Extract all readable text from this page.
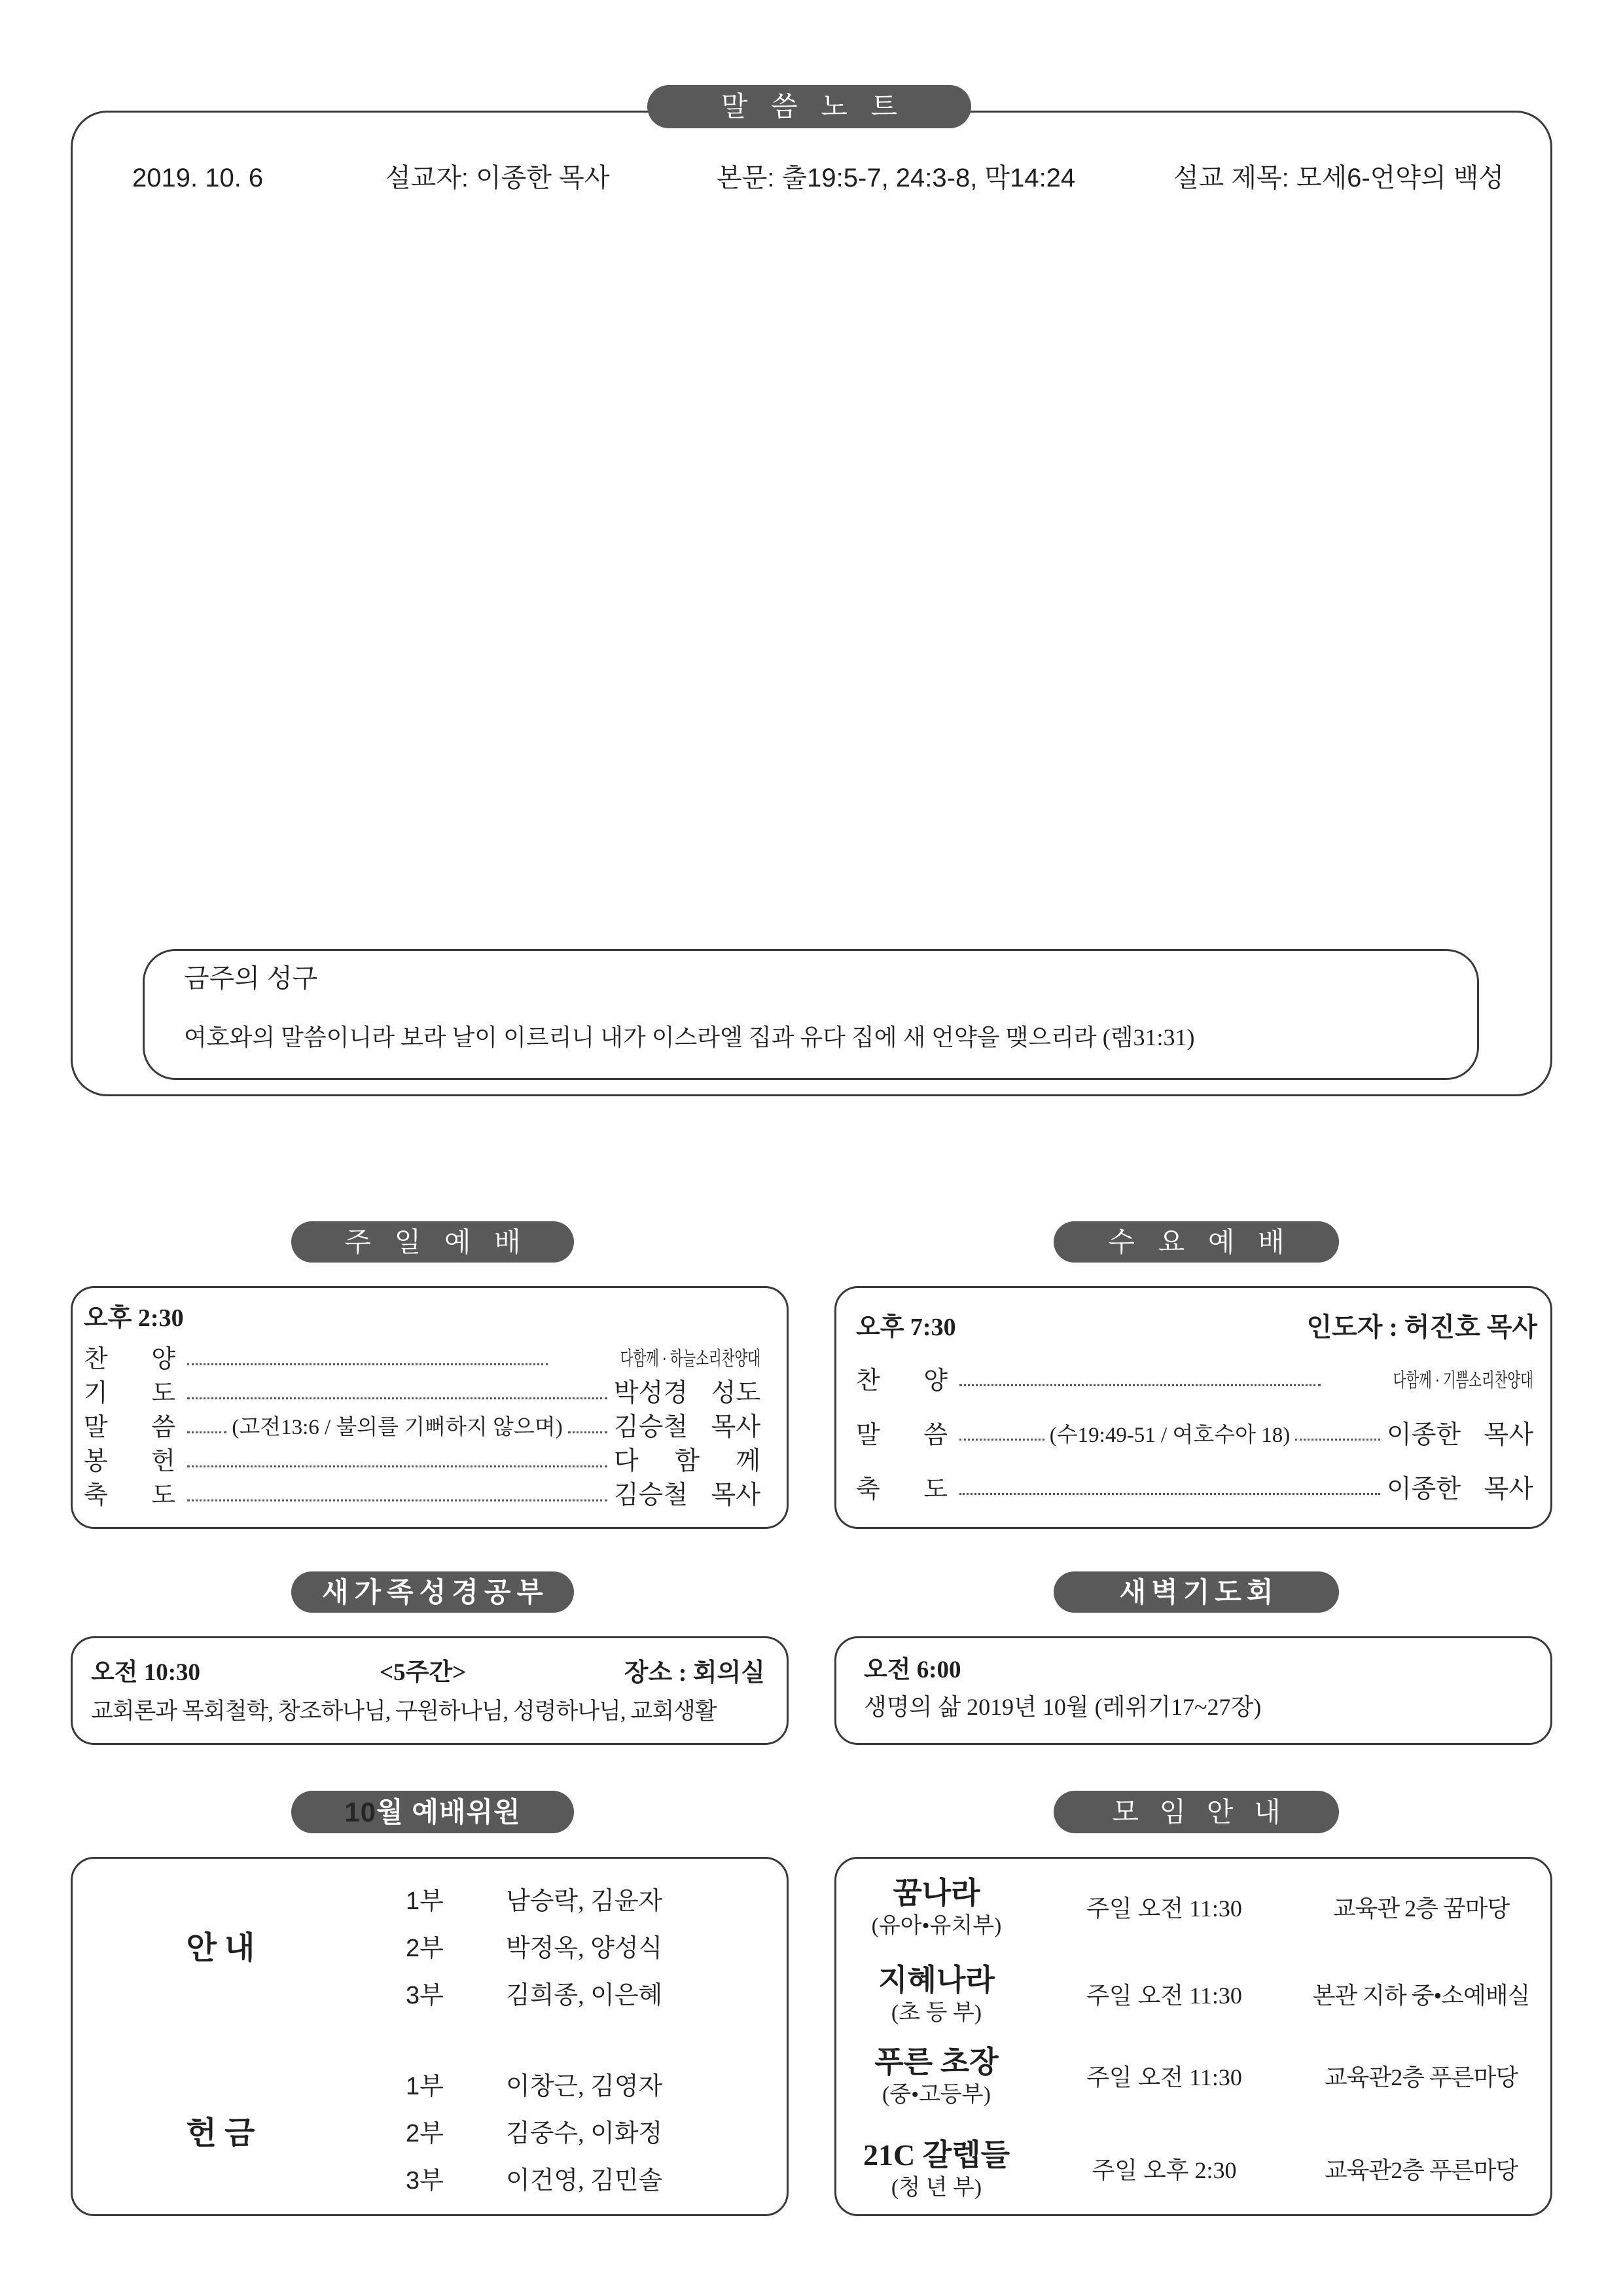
2019. 10. 6	설교자: 이종한 목사	본문: 출19:5-7, 24:3-8, 막14:24	설교 제목: 모세6-언약의 백성
금주의 성구
여호와의 말씀이니라 보라 날이 이르리니 내가 이스라엘 집과 유다 집에 새 언약을 맺으리라 (렘31:31)
말 씀 노 트
주 일 예 배	수 요 예 배
오후 2:30
찬 양	다함께 · 하늘소리찬양대
기 도	박성경 성도
말 씀	(고전13:6 / 불의를 기뻐하지 않으며) 김승철 목사
봉 헌	다 함 께
축 도	김승철 목사
오후 7:30	인도자 : 허진호 목사
찬 양	다함께 · 기쁨소리찬양대
말 씀	(수19:49-51 / 여호수아 18)	이종한 목사
축 도	이종한 목사
새가족성경공부	새벽기도회
오전 10:30	<5주간>	장소 : 회의실
교회론과 목회철학, 창조하나님, 구원하나님, 성령하나님, 교회생활
오전 6:00
생명의 삶 2019년 10월 (레위기17~27장)
10 월 예배위원	모 임 안 내
안 내
1부	남승락, 김윤자
2부	박정옥, 양성식
3부	김희종, 이은혜
헌 금
1부	이창근, 김영자
2부	김중수, 이화정
3부	이건영, 김민솔
꿈나라
(유아•유치부)
주일 오전 11:30	교육관 2층 꿈마당
지혜나라
(초 등 부)
주일 오전 11:30	본관 지하 중•소예배실
푸른 초장
(중•고등부)
주일 오전 11:30	교육관2층 푸른마당
21C 갈렙들
(청 년 부)
주일 오후 2:30	교육관2층 푸른마당
